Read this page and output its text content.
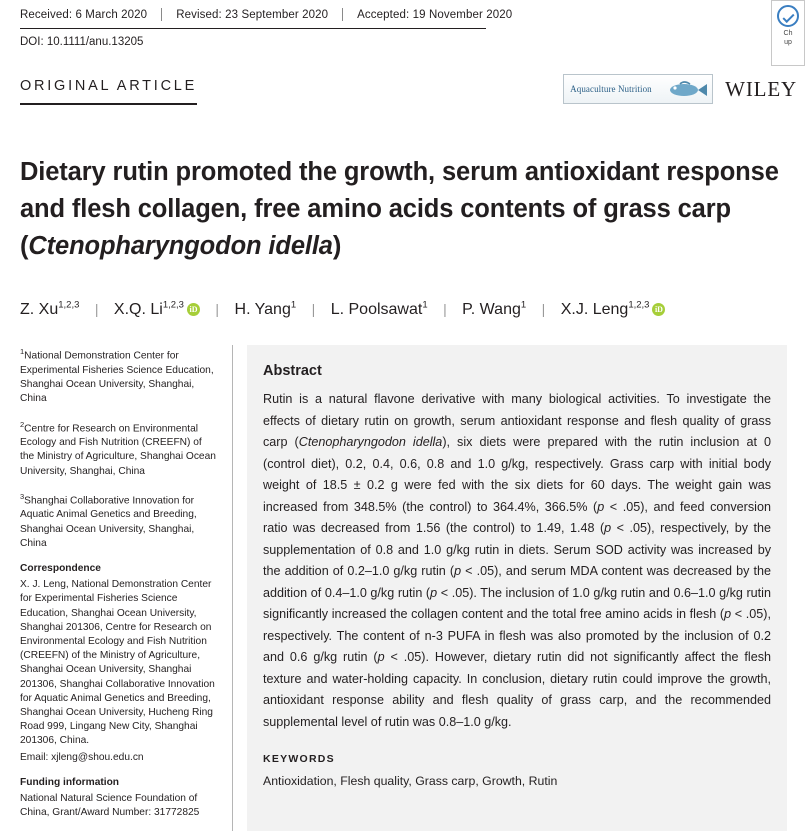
Received: 6 March 2020	Revised: 23 September 2020	Accepted: 19 November 2020
DOI: 10.1111/anu.13205
Ch
up
ORIGINAL ARTICLE	Aquaculture Nutrition	WILEY
Dietary rutin promoted the growth, serum antioxidant response and flesh collagen, free amino acids contents of grass carp (Ctenopharyngodon idella)
Z. Xu$^{1,2,3}$ | X.Q. Li$^{1,2,3}$ iD | H. Yang$^1$ | L. Poolsawat$^1$ | P. Wang$^1$ | X.J. Leng$^{1,2,3}$ iD

$^1$National Demonstration Center for Experimental Fisheries Science Education, Shanghai Ocean University, Shanghai, China

$^2$Centre for Research on Environmental Ecology and Fish Nutrition (CREEFN) of the Ministry of Agriculture, Shanghai Ocean University, Shanghai, China

$^3$Shanghai Collaborative Innovation for Aquatic Animal Genetics and Breeding, Shanghai Ocean University, Shanghai, China

Correspondence

X. J. Leng, National Demonstration Center for Experimental Fisheries Science Education, Shanghai Ocean University, Shanghai 201306, Centre for Research on Environmental Ecology and Fish Nutrition (CREEFN) of the Ministry of Agriculture, Shanghai Ocean University, Shanghai 201306, Shanghai Collaborative Innovation for Aquatic Animal Genetics and Breeding, Shanghai Ocean University, Hucheng Ring Road 999, Lingang New City, Shanghai 201306, China.

Email: xjleng@shou.edu.cn

Funding information

National Natural Science Foundation of China, Grant/Award Number: 31772825

Abstract

Rutin is a natural flavone derivative with many biological activities. To investigate the effects of dietary rutin on growth, serum antioxidant response and flesh quality of grass carp (Ctenopharyngodon idella), six diets were prepared with the rutin inclusion at 0 (control diet), 0.2, 0.4, 0.6, 0.8 and 1.0 g/kg, respectively. Grass carp with initial body weight of 18.5 ± 0.2 g were fed with the six diets for 60 days. The weight gain was increased from 348.5% (the control) to 364.4%, 366.5% (p < .05), and feed conversion ratio was decreased from 1.56 (the control) to 1.49, 1.48 (p < .05), respectively, by the supplementation of 0.8 and 1.0 g/kg rutin in diets. Serum SOD activity was increased by the addition of 0.2–1.0 g/kg rutin (p < .05), and serum MDA content was decreased by the addition of 0.4–1.0 g/kg rutin (p < .05). The inclusion of 1.0 g/kg rutin and 0.6–1.0 g/kg rutin significantly increased the collagen content and the total free amino acids in flesh (p < .05), respectively. The content of n-3 PUFA in flesh was also promoted by the inclusion of 0.2 and 0.6 g/kg rutin (p < .05). However, dietary rutin did not significantly affect the flesh texture and water-holding capacity. In conclusion, dietary rutin could improve the growth, antioxidant response ability and flesh quality of grass carp, and the recommended supplemental level of rutin was 0.8–1.0 g/kg.

KEYWORDS
Antioxidation, Flesh quality, Grass carp, Growth, Rutin
